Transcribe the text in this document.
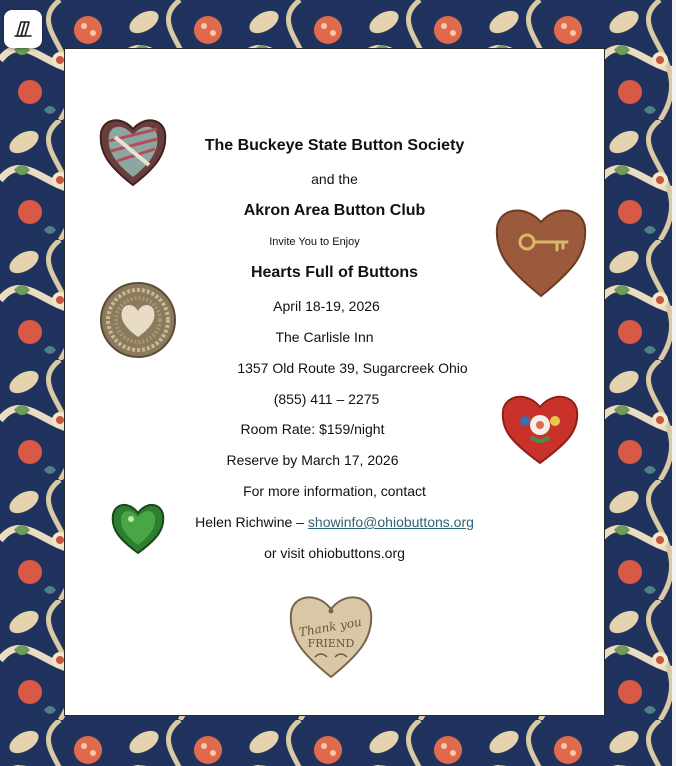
The Buckeye State Button Society
and the
Akron Area Button Club
Invite You to Enjoy
Hearts Full of Buttons
April 18-19, 2026
The Carlisle Inn
1357 Old Route 39, Sugarcreek Ohio
(855) 411 – 2275
Room Rate: $159/night
Reserve by March 17, 2026
For more information, contact
Helen Richwine – showinfo@ohiobuttons.org
or visit ohiobuttons.org
Thank you
FRIEND
